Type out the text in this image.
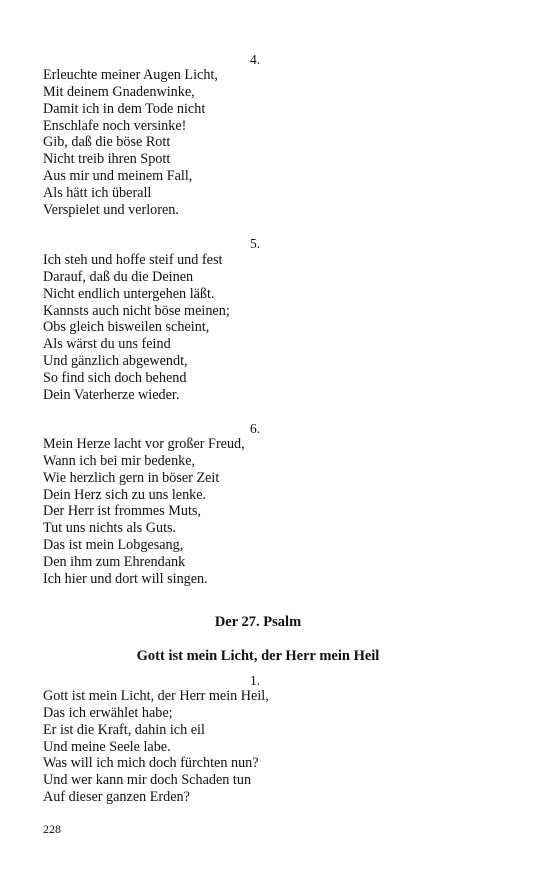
4.
Erleuchte meiner Augen Licht,
Mit deinem Gnadenwinke,
Damit ich in dem Tode nicht
Enschlafe noch versinke!
Gib, daß die böse Rott
Nicht treib ihren Spott
Aus mir und meinem Fall,
Als hätt ich überall
Verspielet und verloren.
5.
Ich steh und hoffe steif und fest
Darauf, daß du die Deinen
Nicht endlich untergehen läßt.
Kannsts auch nicht böse meinen;
Obs gleich bisweilen scheint,
Als wärst du uns feind
Und gänzlich abgewendt,
So find sich doch behend
Dein Vaterherze wieder.
6.
Mein Herze lacht vor großer Freud,
Wann ich bei mir bedenke,
Wie herzlich gern in böser Zeit
Dein Herz sich zu uns lenke.
Der Herr ist frommes Muts,
Tut uns nichts als Guts.
Das ist mein Lobgesang,
Den ihm zum Ehrendank
Ich hier und dort will singen.
Der 27. Psalm
Gott ist mein Licht, der Herr mein Heil
1.
Gott ist mein Licht, der Herr mein Heil,
Das ich erwählet habe;
Er ist die Kraft, dahin ich eil
Und meine Seele labe.
Was will ich mich doch fürchten nun?
Und wer kann mir doch Schaden tun
Auf dieser ganzen Erden?
228
